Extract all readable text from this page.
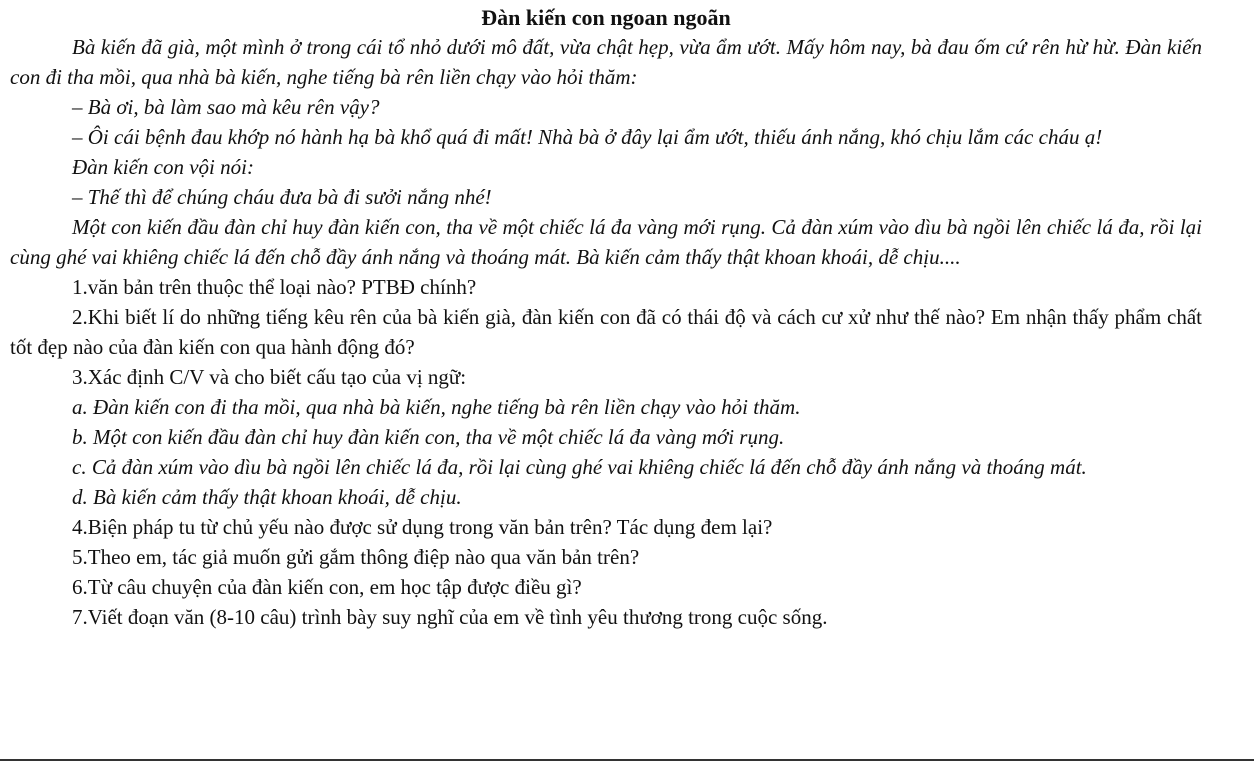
Đàn kiến con ngoan ngoãn

Bà kiến đã già, một mình ở trong cái tổ nhỏ dưới mô đất, vừa chật hẹp, vừa ẩm ướt. Mấy hôm nay, bà đau ốm cứ rên hừ hừ. Đàn kiến con đi tha mồi, qua nhà bà kiến, nghe tiếng bà rên liền chạy vào hỏi thăm:

– Bà ơi, bà làm sao mà kêu rên vậy?

– Ôi cái bệnh đau khớp nó hành hạ bà khổ quá đi mất! Nhà bà ở đây lại ẩm ướt, thiếu ánh nắng, khó chịu lắm các cháu ạ!

Đàn kiến con vội nói:

– Thế thì để chúng cháu đưa bà đi sưởi nắng nhé!

Một con kiến đầu đàn chỉ huy đàn kiến con, tha về một chiếc lá đa vàng mới rụng. Cả đàn xúm vào dìu bà ngồi lên chiếc lá đa, rồi lại cùng ghé vai khiêng chiếc lá đến chỗ đầy ánh nắng và thoáng mát. Bà kiến cảm thấy thật khoan khoái, dễ chịu....

1.văn bản trên thuộc thể loại nào? PTBĐ chính?

2.Khi biết lí do những tiếng kêu rên của bà kiến già, đàn kiến con đã có thái độ và cách cư xử như thế nào? Em nhận thấy phẩm chất tốt đẹp nào của đàn kiến con qua hành động đó?

3.Xác định C/V và cho biết cấu tạo của vị ngữ:

a. Đàn kiến con đi tha mồi, qua nhà bà kiến, nghe tiếng bà rên liền chạy vào hỏi thăm.

b. Một con kiến đầu đàn chỉ huy đàn kiến con, tha về một chiếc lá đa vàng mới rụng.

c. Cả đàn xúm vào dìu bà ngồi lên chiếc lá đa, rồi lại cùng ghé vai khiêng chiếc lá đến chỗ đầy ánh nắng và thoáng mát.

d. Bà kiến cảm thấy thật khoan khoái, dễ chịu.

4.Biện pháp tu từ chủ yếu nào được sử dụng trong văn bản trên? Tác dụng đem lại?

5.Theo em, tác giả muốn gửi gắm thông điệp nào qua văn bản trên?

6.Từ câu chuyện của đàn kiến con, em học tập được điều gì?

7.Viết đoạn văn (8-10 câu) trình bày suy nghĩ của em về tình yêu thương trong cuộc sống.
